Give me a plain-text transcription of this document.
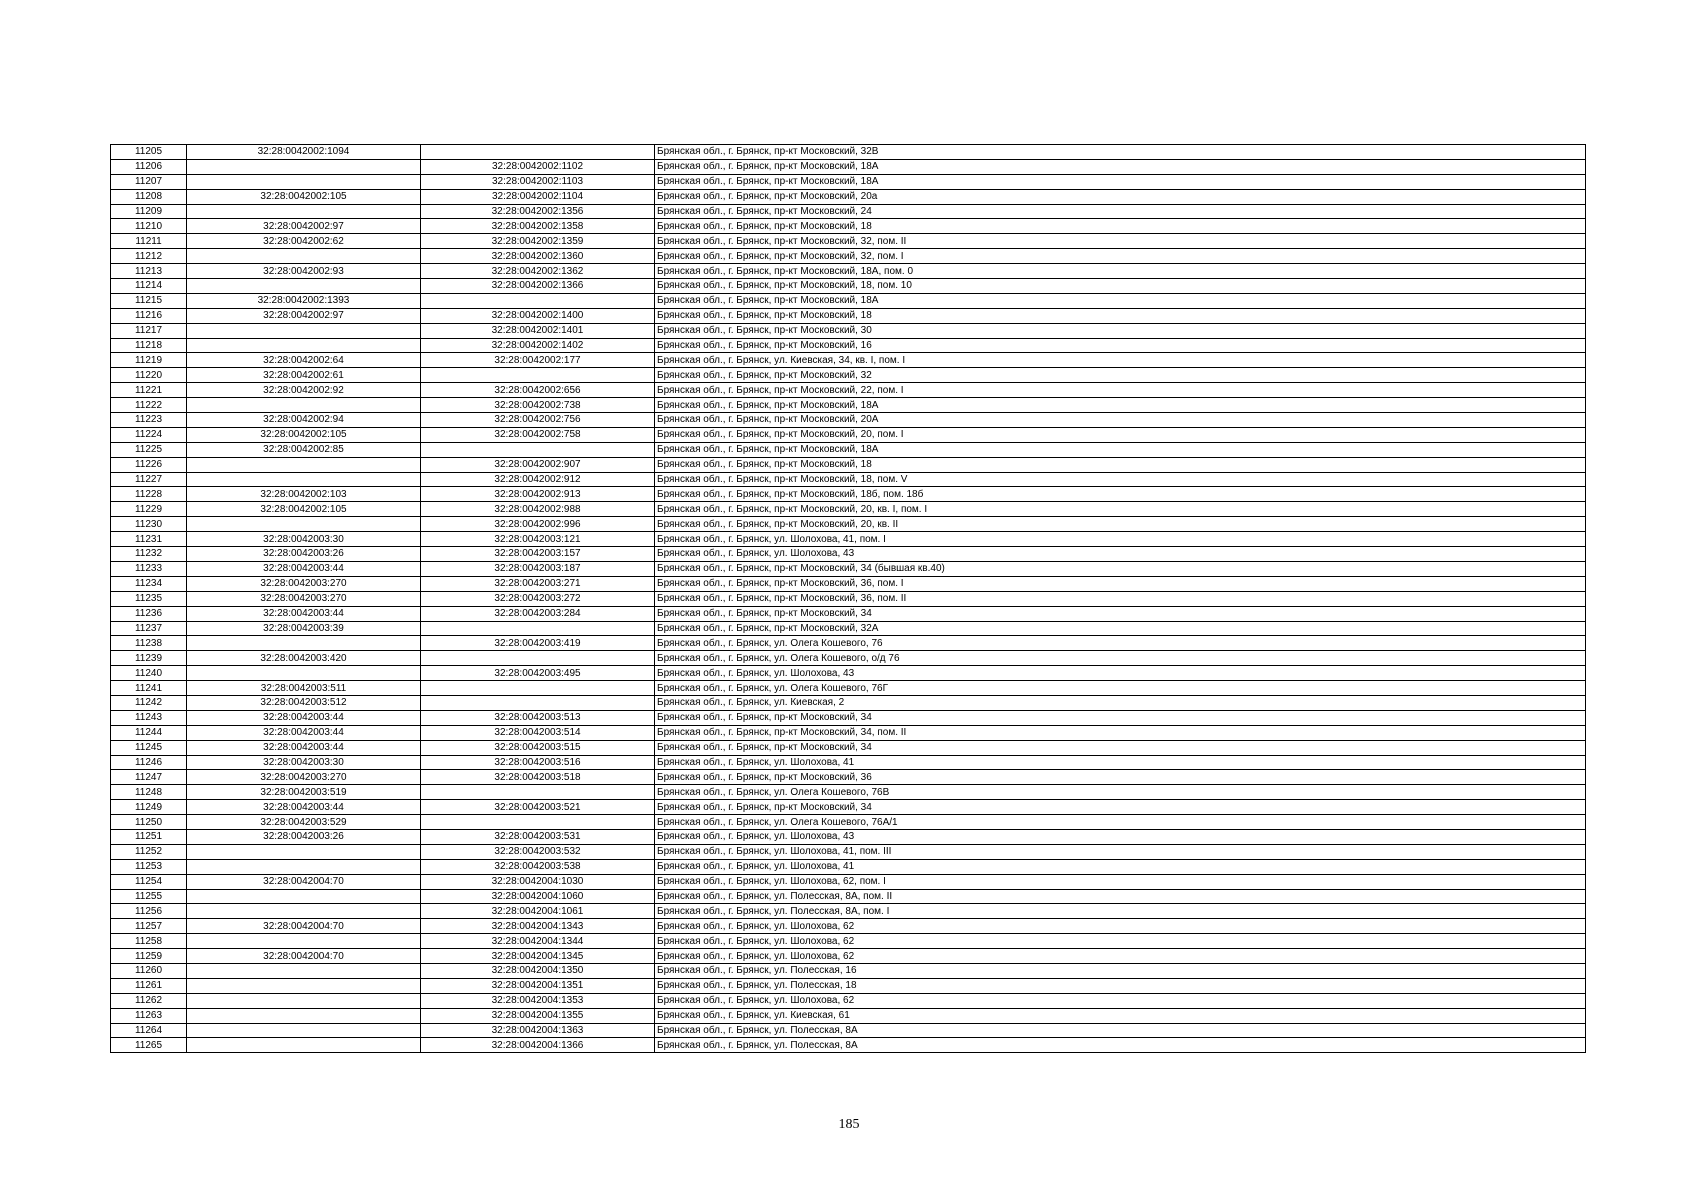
11205	32:28:0042002:1094		Брянская обл., г. Брянск, пр-кт Московский, 32В
11206		32:28:0042002:1102	Брянская обл., г. Брянск, пр-кт Московский, 18А
11207		32:28:0042002:1103	Брянская обл., г. Брянск, пр-кт Московский, 18А
11208	32:28:0042002:105	32:28:0042002:1104	Брянская обл., г. Брянск, пр-кт Московский, 20а
11209		32:28:0042002:1356	Брянская обл., г. Брянск, пр-кт Московский, 24
11210	32:28:0042002:97	32:28:0042002:1358	Брянская обл., г. Брянск, пр-кт Московский, 18
11211	32:28:0042002:62	32:28:0042002:1359	Брянская обл., г. Брянск, пр-кт Московский, 32, пом. II
11212		32:28:0042002:1360	Брянская обл., г. Брянск, пр-кт Московский, 32, пом. I
11213	32:28:0042002:93	32:28:0042002:1362	Брянская обл., г. Брянск, пр-кт Московский, 18А, пом. 0
11214		32:28:0042002:1366	Брянская обл., г. Брянск, пр-кт Московский, 18, пом. 10
11215	32:28:0042002:1393		Брянская обл., г. Брянск, пр-кт Московский, 18А
11216	32:28:0042002:97	32:28:0042002:1400	Брянская обл., г. Брянск, пр-кт Московский, 18
11217		32:28:0042002:1401	Брянская обл., г. Брянск, пр-кт Московский, 30
11218		32:28:0042002:1402	Брянская обл., г. Брянск, пр-кт Московский, 16
11219	32:28:0042002:64	32:28:0042002:177	Брянская обл., г. Брянск, ул. Киевская, 34, кв. I, пом. I
11220	32:28:0042002:61		Брянская обл., г. Брянск, пр-кт Московский, 32
11221	32:28:0042002:92	32:28:0042002:656	Брянская обл., г. Брянск, пр-кт Московский, 22, пом. I
11222		32:28:0042002:738	Брянская обл., г. Брянск, пр-кт Московский, 18А
11223	32:28:0042002:94	32:28:0042002:756	Брянская обл., г. Брянск, пр-кт Московский, 20А
11224	32:28:0042002:105	32:28:0042002:758	Брянская обл., г. Брянск, пр-кт Московский, 20, пом. I
11225	32:28:0042002:85		Брянская обл., г. Брянск, пр-кт Московский, 18А
11226		32:28:0042002:907	Брянская обл., г. Брянск, пр-кт Московский, 18
11227		32:28:0042002:912	Брянская обл., г. Брянск, пр-кт Московский, 18, пом. V
11228	32:28:0042002:103	32:28:0042002:913	Брянская обл., г. Брянск, пр-кт Московский, 18б, пом. 18б
11229	32:28:0042002:105	32:28:0042002:988	Брянская обл., г. Брянск, пр-кт Московский, 20, кв. I, пом. I
11230		32:28:0042002:996	Брянская обл., г. Брянск, пр-кт Московский, 20, кв. II
11231	32:28:0042003:30	32:28:0042003:121	Брянская обл., г. Брянск, ул. Шолохова, 41, пом. I
11232	32:28:0042003:26	32:28:0042003:157	Брянская обл., г. Брянск, ул. Шолохова, 43
11233	32:28:0042003:44	32:28:0042003:187	Брянская обл., г. Брянск, пр-кт Московский, 34 (бывшая кв.40)
11234	32:28:0042003:270	32:28:0042003:271	Брянская обл., г. Брянск, пр-кт Московский, 36, пом. I
11235	32:28:0042003:270	32:28:0042003:272	Брянская обл., г. Брянск, пр-кт Московский, 36, пом. II
11236	32:28:0042003:44	32:28:0042003:284	Брянская обл., г. Брянск, пр-кт Московский, 34
11237	32:28:0042003:39		Брянская обл., г. Брянск, пр-кт Московский, 32А
11238		32:28:0042003:419	Брянская обл., г. Брянск, ул. Олега Кошевого, 76
11239	32:28:0042003:420		Брянская обл., г. Брянск, ул. Олега Кошевого, о/д 76
11240		32:28:0042003:495	Брянская обл., г. Брянск, ул. Шолохова, 43
11241	32:28:0042003:511		Брянская обл., г. Брянск, ул. Олега Кошевого, 76Г
11242	32:28:0042003:512		Брянская обл., г. Брянск, ул. Киевская, 2
11243	32:28:0042003:44	32:28:0042003:513	Брянская обл., г. Брянск, пр-кт Московский, 34
11244	32:28:0042003:44	32:28:0042003:514	Брянская обл., г. Брянск, пр-кт Московский, 34, пом. II
11245	32:28:0042003:44	32:28:0042003:515	Брянская обл., г. Брянск, пр-кт Московский, 34
11246	32:28:0042003:30	32:28:0042003:516	Брянская обл., г. Брянск, ул. Шолохова, 41
11247	32:28:0042003:270	32:28:0042003:518	Брянская обл., г. Брянск, пр-кт Московский, 36
11248	32:28:0042003:519		Брянская обл., г. Брянск, ул. Олега Кошевого, 76В
11249	32:28:0042003:44	32:28:0042003:521	Брянская обл., г. Брянск, пр-кт Московский, 34
11250	32:28:0042003:529		Брянская обл., г. Брянск, ул. Олега Кошевого, 76А/1
11251	32:28:0042003:26	32:28:0042003:531	Брянская обл., г. Брянск, ул. Шолохова, 43
11252		32:28:0042003:532	Брянская обл., г. Брянск, ул. Шолохова, 41, пом. III
11253		32:28:0042003:538	Брянская обл., г. Брянск, ул. Шолохова, 41
11254	32:28:0042004:70	32:28:0042004:1030	Брянская обл., г. Брянск, ул. Шолохова, 62, пом. I
11255		32:28:0042004:1060	Брянская обл., г. Брянск, ул. Полесская, 8А, пом. II
11256		32:28:0042004:1061	Брянская обл., г. Брянск, ул. Полесская, 8А, пом. I
11257	32:28:0042004:70	32:28:0042004:1343	Брянская обл., г. Брянск, ул. Шолохова, 62
11258		32:28:0042004:1344	Брянская обл., г. Брянск, ул. Шолохова, 62
11259	32:28:0042004:70	32:28:0042004:1345	Брянская обл., г. Брянск, ул. Шолохова, 62
11260		32:28:0042004:1350	Брянская обл., г. Брянск, ул. Полесская, 16
11261		32:28:0042004:1351	Брянская обл., г. Брянск, ул. Полесская, 18
11262		32:28:0042004:1353	Брянская обл., г. Брянск, ул. Шолохова, 62
11263		32:28:0042004:1355	Брянская обл., г. Брянск, ул. Киевская, 61
11264		32:28:0042004:1363	Брянская обл., г. Брянск, ул. Полесская, 8А
11265		32:28:0042004:1366	Брянская обл., г. Брянск, ул. Полесская, 8А
185
